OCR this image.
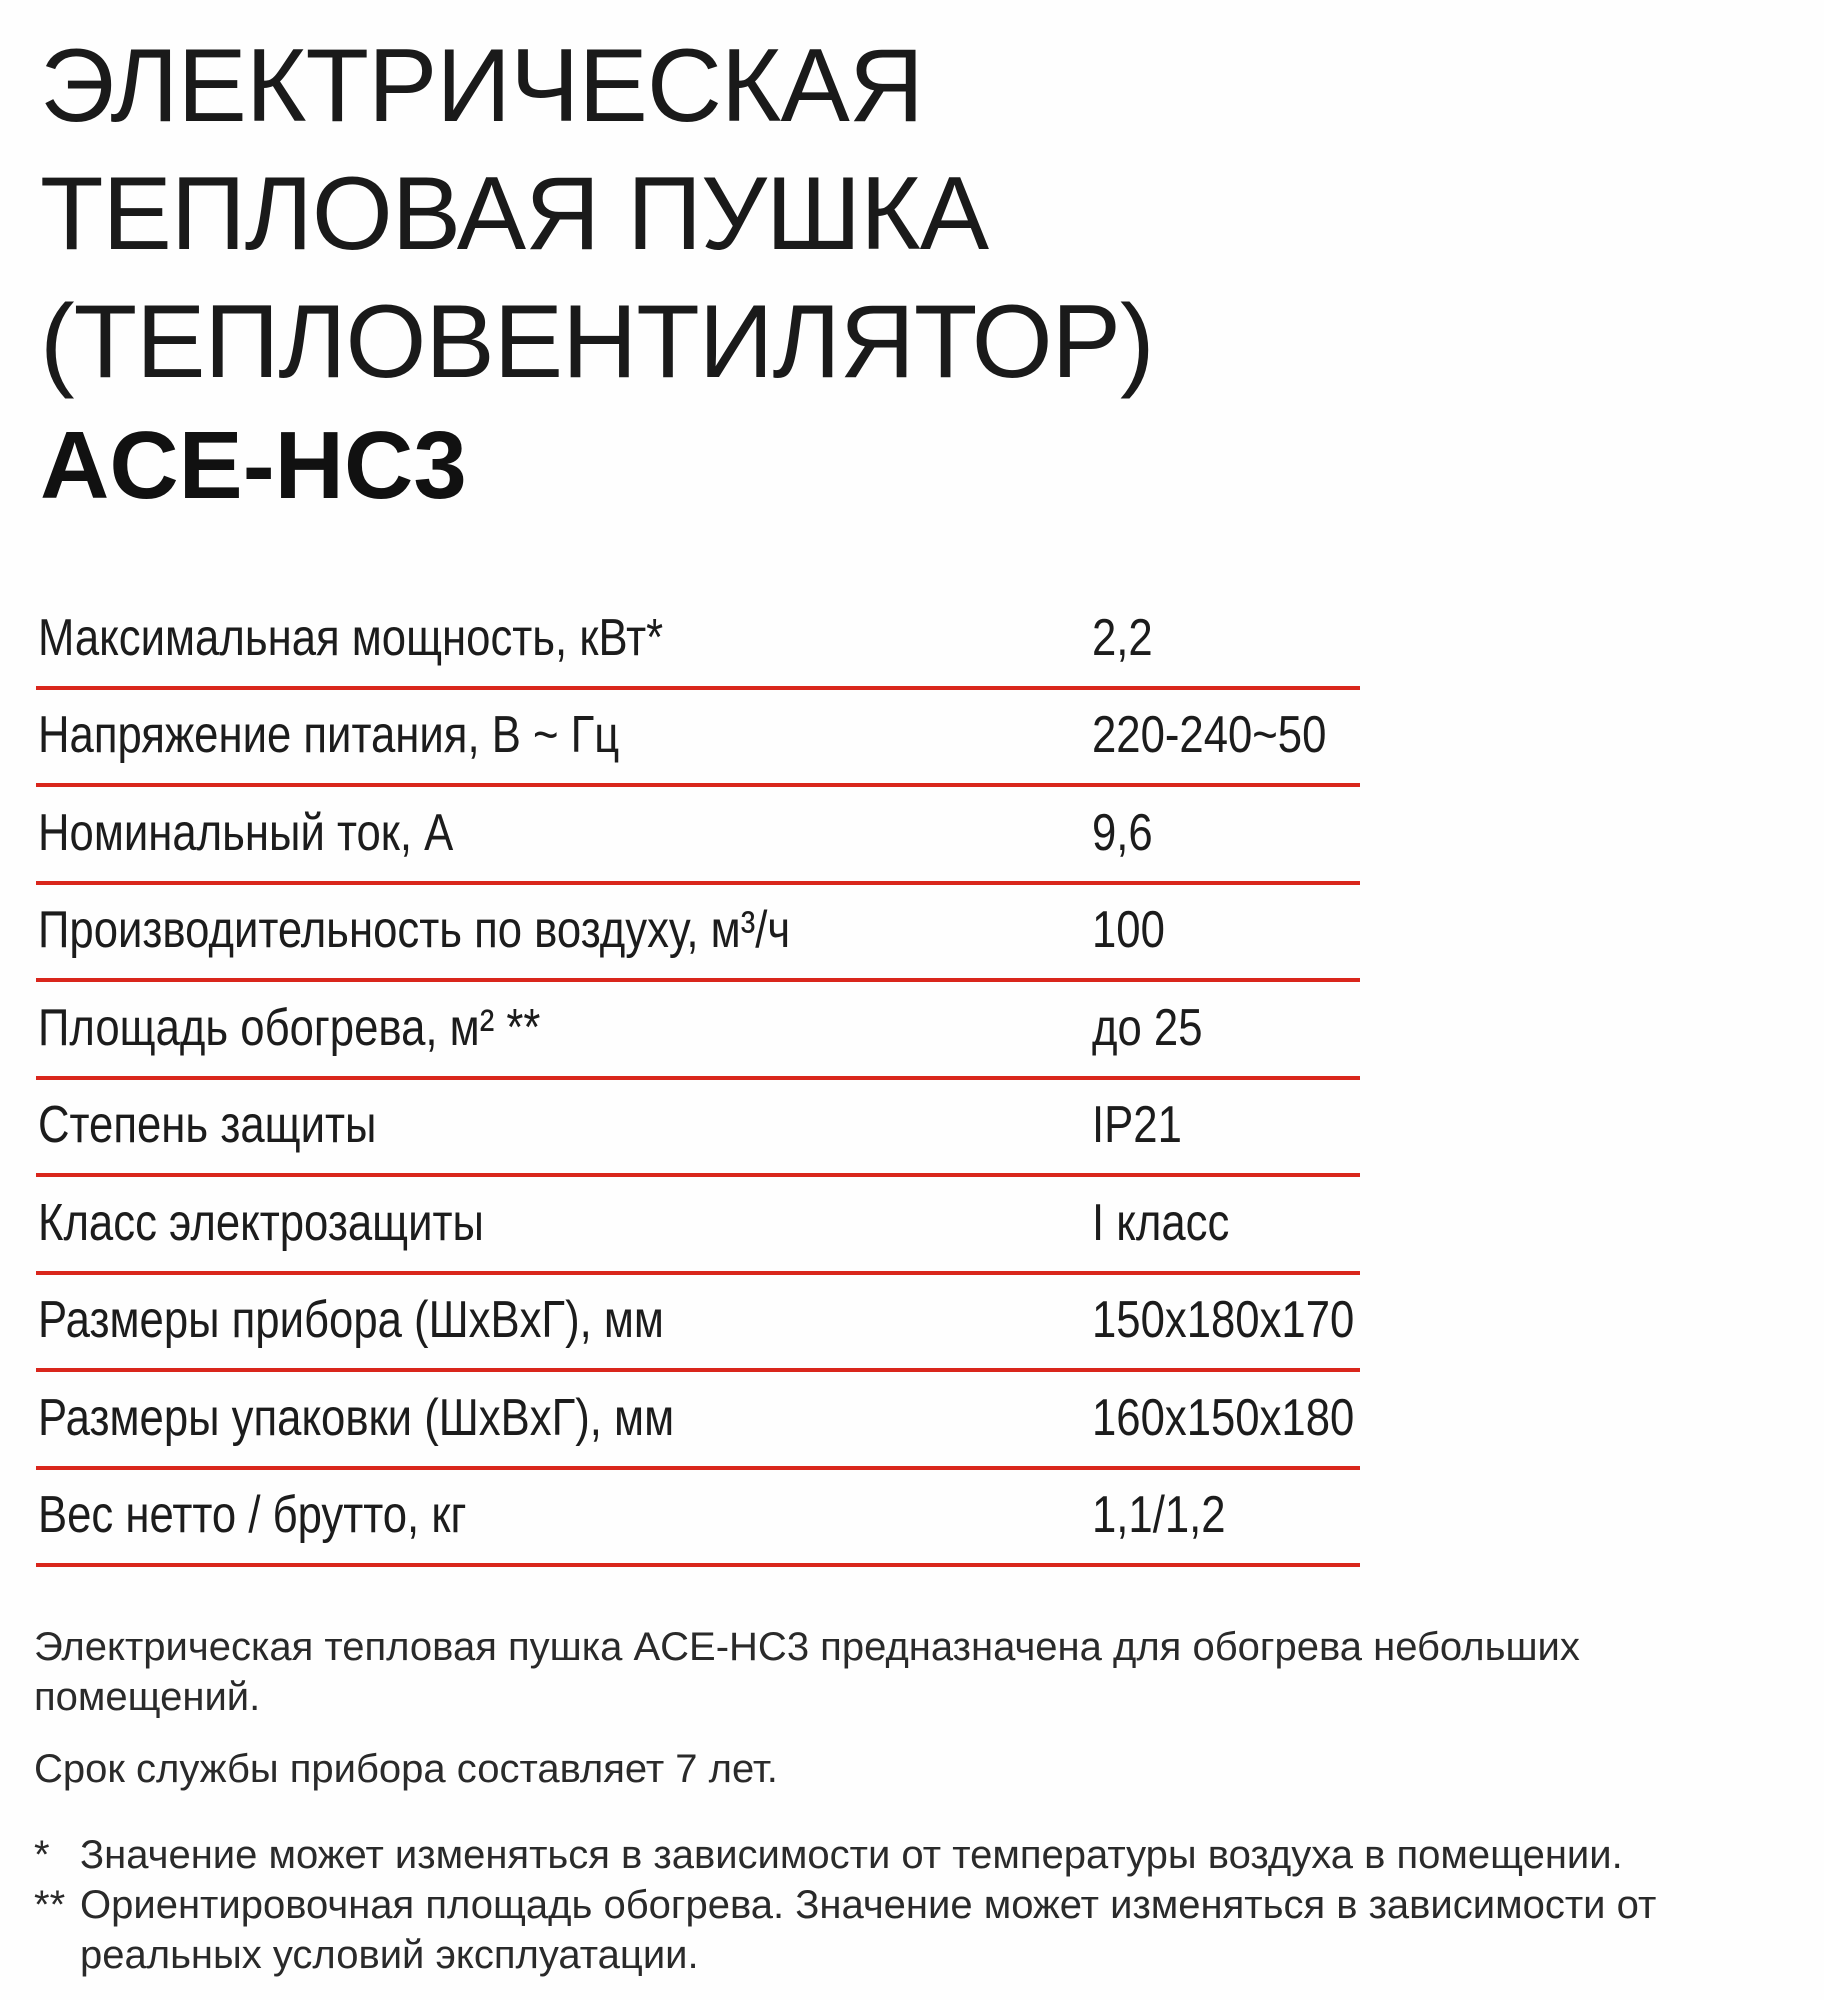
ЭЛЕКТРИЧЕСКАЯ
ТЕПЛОВАЯ ПУШКА
(ТЕПЛОВЕНТИЛЯТОР)
ACE-HC3
Максимальная мощность, кВт*	2,2
Напряжение питания, В ~ Гц	220-240~50
Номинальный ток, А	9,6
Производительность по воздуху, м³/ч	100
Площадь обогрева, м² **	до 25
Степень защиты	IP21
Класс электрозащиты	I класс
Размеры прибора (ШxВxГ), мм	150x180x170
Размеры упаковки (ШxВxГ), мм	160x150x180
Вес нетто / брутто, кг	1,1/1,2

Электрическая тепловая пушка ACE-HC3 предназначена для обогрева небольших помещений.

Срок службы прибора составляет 7 лет.

* Значение может изменяться в зависимости от температуры воздуха в помещении.
** Ориентировочная площадь обогрева. Значение может изменяться в зависимости от реальных условий эксплуатации.
